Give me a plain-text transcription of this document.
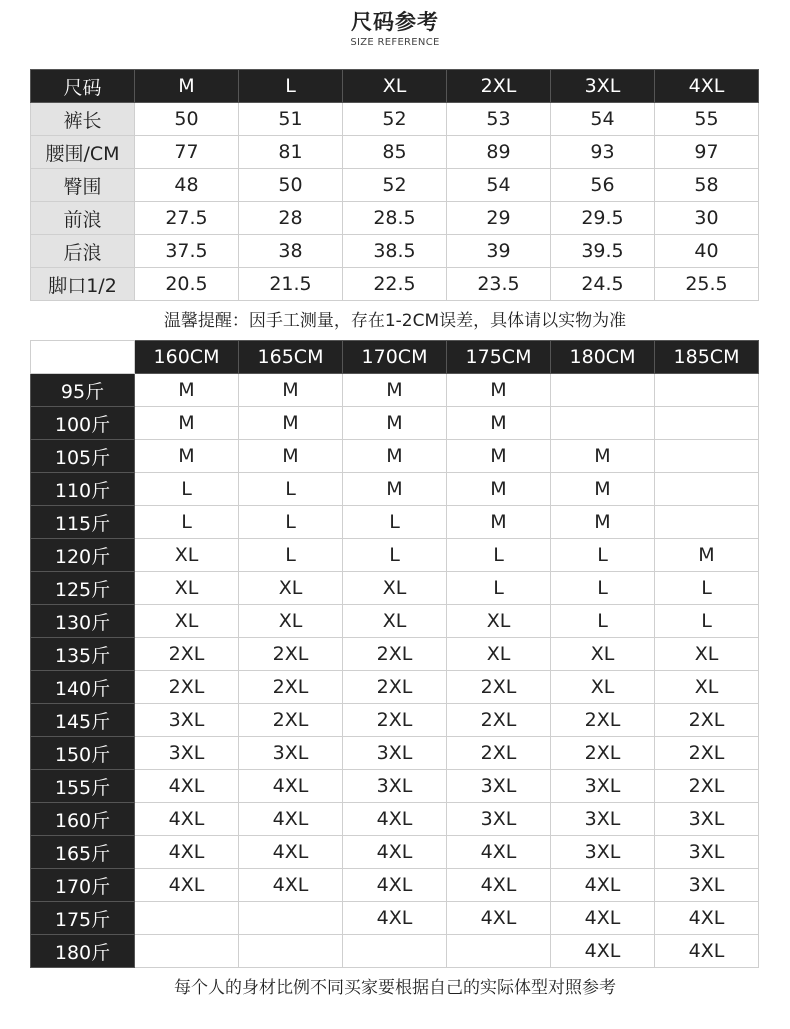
尺码参考
SIZE REFERENCE
尺码	M	L	XL	2XL	3XL	4XL
裤长	50	51	52	53	54	55
腰围/CM	77	81	85	89	93	97
臀围	48	50	52	54	56	58
前浪	27.5	28	28.5	29	29.5	30
后浪	37.5	38	38.5	39	39.5	40
脚口1/2	20.5	21.5	22.5	23.5	24.5	25.5
温馨提醒：因手工测量，存在1-2CM误差，具体请以实物为准
	160CM	165CM	170CM	175CM	180CM	185CM
95斤	M	M	M	M		
100斤	M	M	M	M		
105斤	M	M	M	M	M	
110斤	L	L	M	M	M	
115斤	L	L	L	M	M	
120斤	XL	L	L	L	L	M
125斤	XL	XL	XL	L	L	L
130斤	XL	XL	XL	XL	L	L
135斤	2XL	2XL	2XL	XL	XL	XL
140斤	2XL	2XL	2XL	2XL	XL	XL
145斤	3XL	2XL	2XL	2XL	2XL	2XL
150斤	3XL	3XL	3XL	2XL	2XL	2XL
155斤	4XL	4XL	3XL	3XL	3XL	2XL
160斤	4XL	4XL	4XL	3XL	3XL	3XL
165斤	4XL	4XL	4XL	4XL	3XL	3XL
170斤	4XL	4XL	4XL	4XL	4XL	3XL
175斤			4XL	4XL	4XL	4XL
180斤					4XL	4XL
每个人的身材比例不同买家要根据自己的实际体型对照参考
